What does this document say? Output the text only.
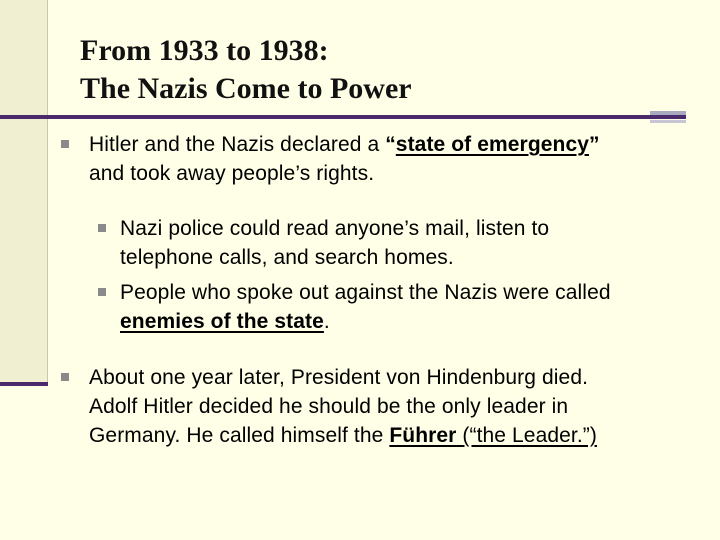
From 1933 to 1938:
The Nazis Come to Power
Hitler and the Nazis declared a “state of emergency”
and took away people’s rights.
Nazi police could read anyone’s mail, listen to
telephone calls, and search homes.
People who spoke out against the Nazis were called
enemies of the state.
About one year later, President von Hindenburg died.
Adolf Hitler decided he should be the only leader in
Germany. He called himself the Führer (“the Leader.”)
